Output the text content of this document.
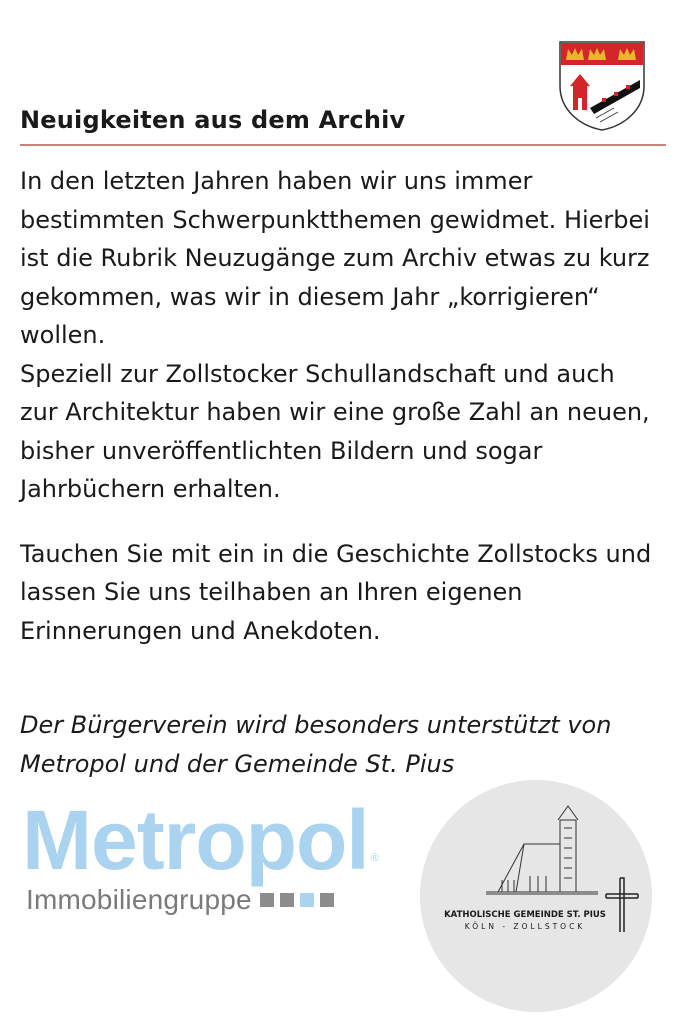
Neuigkeiten aus dem Archiv

In den letzten Jahren haben wir uns immer bestimmten Schwerpunktthemen gewidmet. Hierbei ist die Rubrik Neuzugänge zum Archiv etwas zu kurz gekommen, was wir in diesem Jahr „korrigieren“ wollen.

Speziell zur Zollstocker Schullandschaft und auch zur Architektur haben wir eine große Zahl an neuen, bisher unveröffentlichten Bildern und sogar Jahrbüchern erhalten.

Tauchen Sie mit ein in die Geschichte Zollstocks und lassen Sie uns teilhaben an Ihren eigenen Erinnerungen und Anekdoten.

Der Bürgerverein wird besonders unterstützt von Metropol und der Gemeinde St. Pius
Metropol ®
Immobiliengruppe	KATHOLISCHE GEMEINDE ST. PIUS
KÖLN - ZOLLSTOCK
